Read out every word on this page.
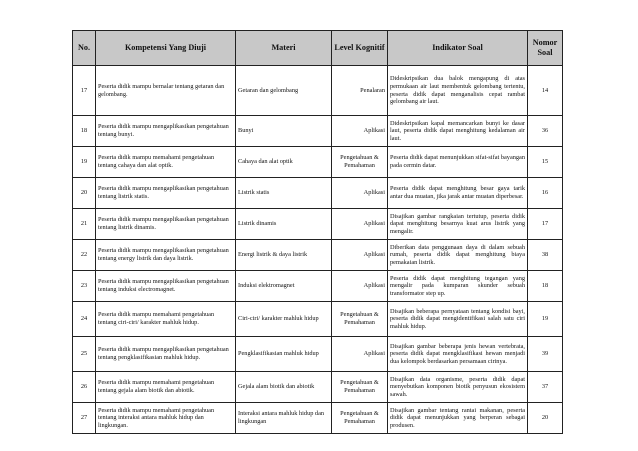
No.	Kompetensi Yang Diuji	Materi	Level Kognitif	Indikator Soal	Nomor Soal
17	Peserta didik mampu bernalar tentang getaran dan gelombang.	Getaran dan gelombang	Penalaran	Dideskripsikan dua balok mengapung di atas permukaan air laut membentuk gelombang tertentu, peserta didik dapat menganalisis cepat rambat gelombang air laut.	14
18	Peserta didik mampu mengaplikasikan pengetahuan tentang bunyi.	Bunyi	Aplikasi	Dideskripsikan kapal memancarkan bunyi ke dasar laut, peserta didik dapat menghitung kedalaman air laut.	36
19	Peserta didik mampu memahami pengetahuan tentang cahaya dan alat optik.	Cahaya dan alat optik	Pengetahuan & Pemahaman	Peserta didik dapat menunjukkan sifat-sifat bayangan pada cermin datar.	15
20	Peserta didik mampu mengaplikasikan pengetahuan tentang listrik statis.	Listrik statis	Aplikasi	Peserta didik dapat menghitung besar gaya tarik antar dua muatan, jika jarak antar muatan diperbesar.	16
21	Peserta didik mampu mengaplikasikan pengetahuan tentang listrik dinamis.	Listrik dinamis	Aplikasi	Disajikan gambar rangkaian tertutup, peserta didik dapat menghitung besarnya kuat arus listrik yang mengalir.	17
22	Peserta didik mampu mengaplikasikan pengetahuan tentang energy listrik dan daya listrik.	Energi listrik & daya listrik	Aplikasi	Diberikan data penggunaan daya di dalam sebuah rumah, peserta didik dapat menghitung biaya pemakaian listrik.	38
23	Peserta didik mampu mengaplikasikan pengetahuan tentang induksi electromagnet.	Induksi elektromagnet	Aplikasi	Peserta didik dapat menghitung tegangan yang mengalir pada kumparan skunder sebuah transformator step up.	18
24	Peserta didik mampu memahami pengetahuan tentang ciri-ciri/ karakter mahluk hidup.	Ciri-ciri/ karakter mahluk hidup	Pengetahuan & Pemahaman	Disajikan beberapa pernyataan tentang kondisi bayi, peserta didik dapat mengidentifikasi salah satu ciri mahluk hidup.	19
25	Peserta didik mampu mengaplikasikan pengetahuan tentang pengklasifikasian mahluk hidup.	Pengklasifikasian mahluk hidup	Aplikasi	Disajikan gambar beberapa jenis hewan vertebrata, peserta didik dapat mengklasifikasi hewan menjadi dua kelompok berdasarkan persamaan cirinya.	39
26	Peserta didik mampu memahami pengetahuan tentang gejala alam biotik dan abiotik.	Gejala alam biotik dan abiotik	Pengetahuan & Pemahaman	Disajikan data organisme, peserta didik dapat menyebutkan komponen biotik penyusun ekosistem sawah.	37
27	Peserta didik mampu memahami pengetahuan tentang interaksi antara mahluk hidup dan lingkungan.	Interaksi antara mahluk hidup dan lingkungan	Pengetahuan & Pemahaman	Disajikan gambar tentang rantai makanan, peserta didik dapat menunjukkan yang berperan sebagai produsen.	20
